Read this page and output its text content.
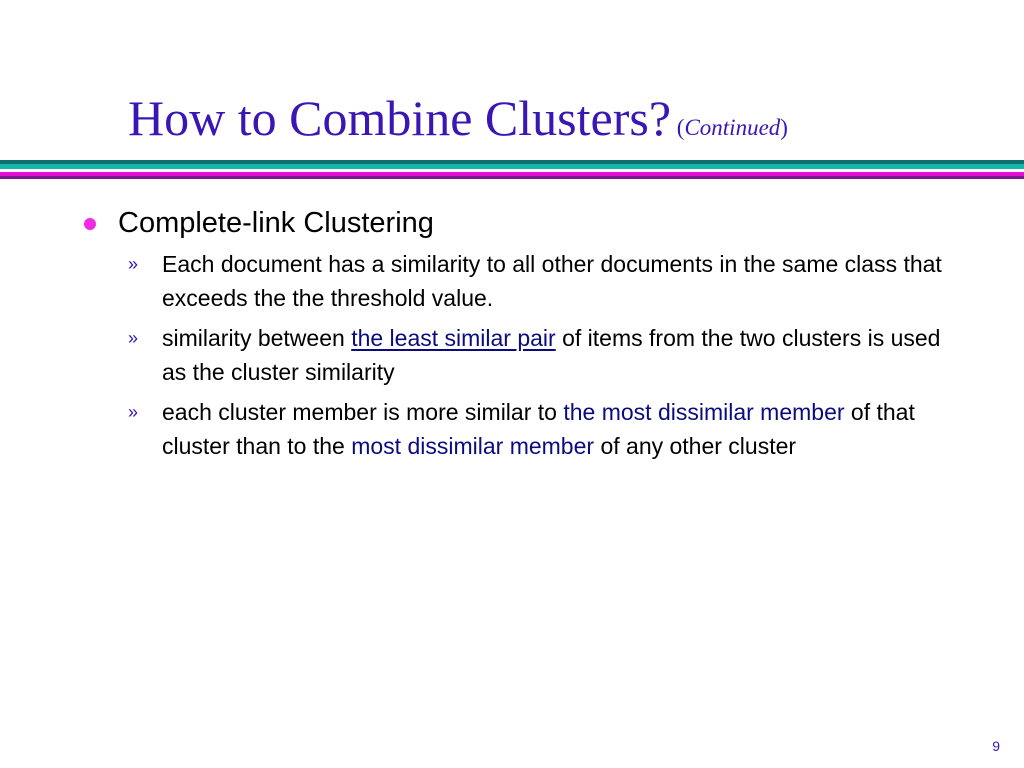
How to Combine Clusters? (Continued)
Complete-link Clustering
» Each document has a similarity to all other documents in the same class that exceeds the the threshold value.
» similarity between the least similar pair of items from the two clusters is used as the cluster similarity
» each cluster member is more similar to the most dissimilar member of that cluster than to the most dissimilar member of any other cluster
9
